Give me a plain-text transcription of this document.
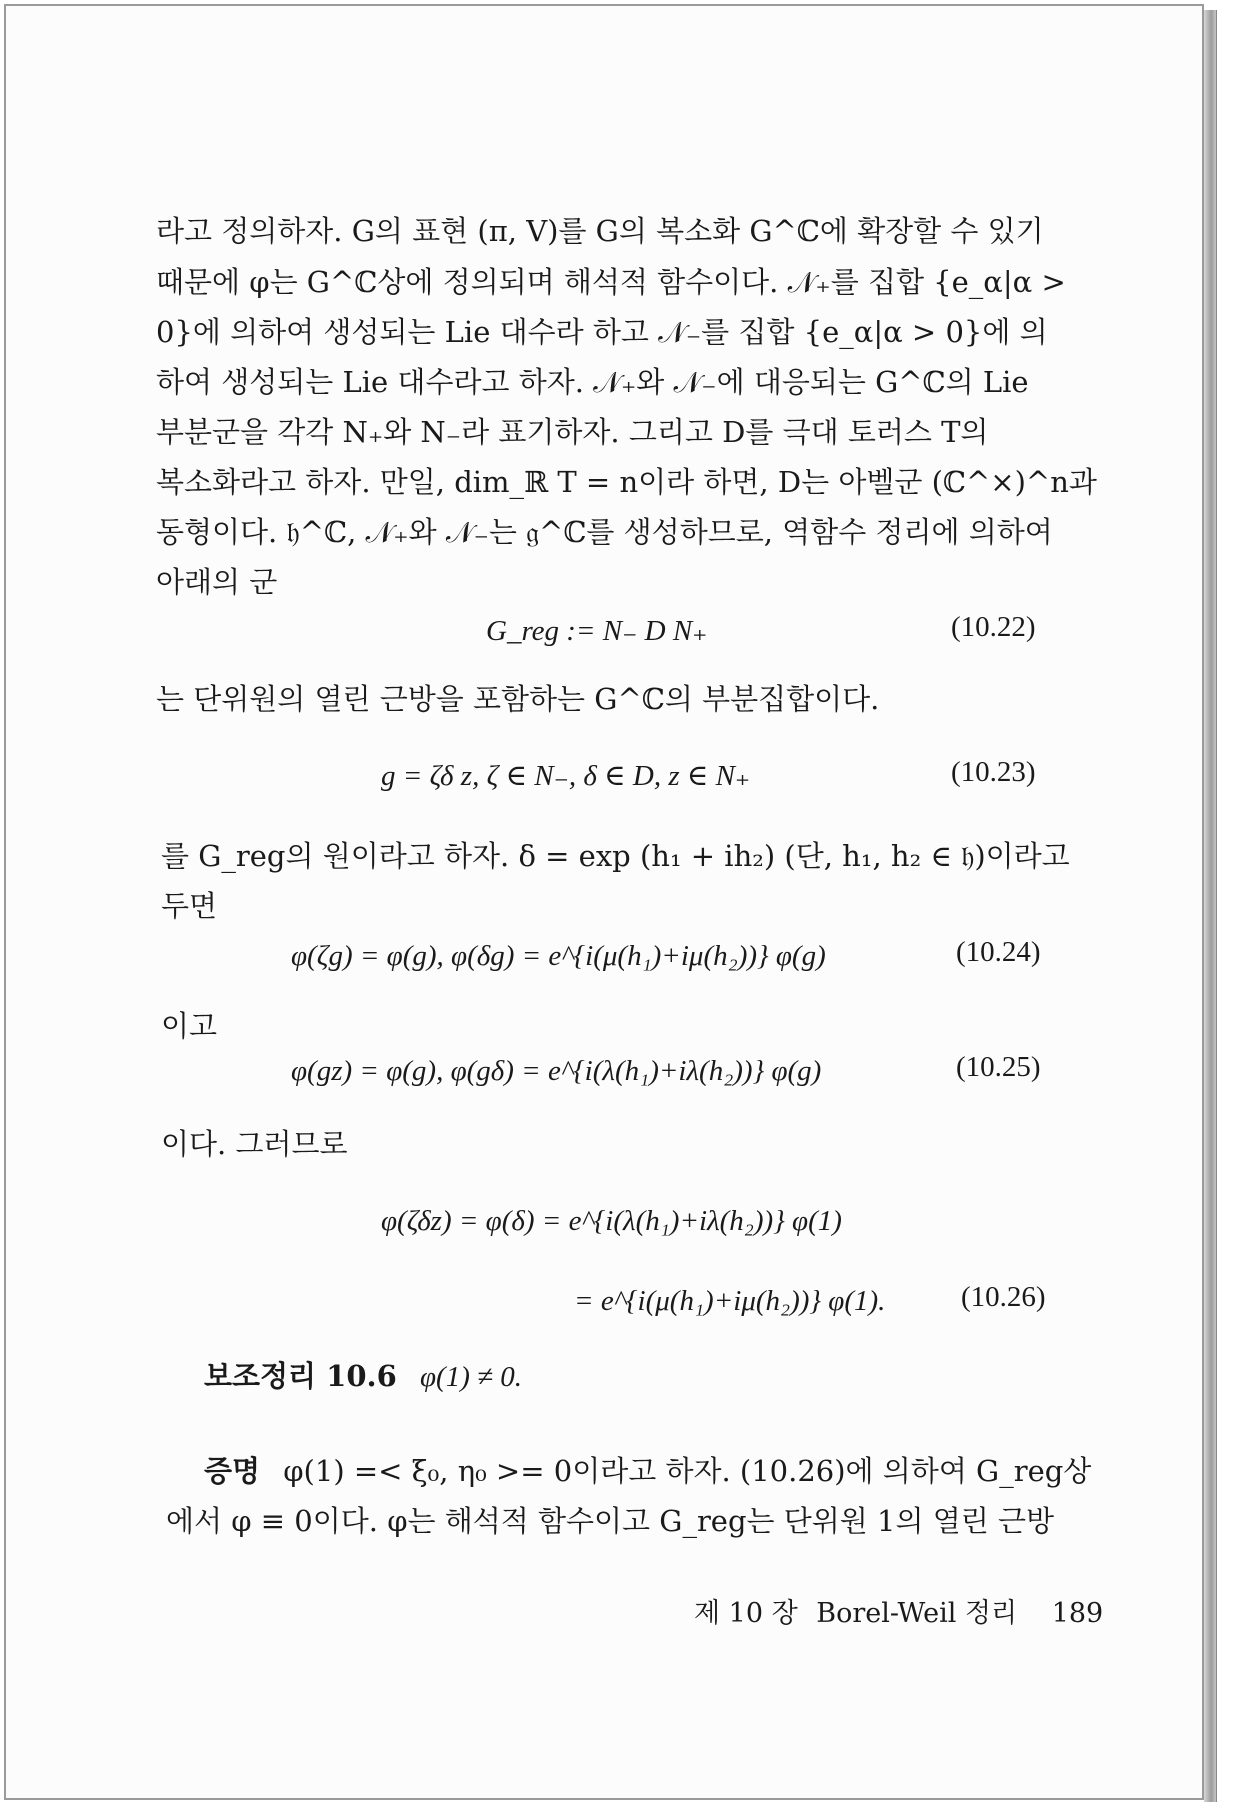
라고 정의하자. G의 표현 (π, V)를 G의 복소화 G^ℂ에 확장할 수 있기
때문에 φ는 G^ℂ상에 정의되며 해석적 함수이다. 𝒩₊를 집합 {e_α|α >
0}에 의하여 생성되는 Lie 대수라 하고 𝒩₋를 집합 {e_α|α > 0}에 의
하여 생성되는 Lie 대수라고 하자. 𝒩₊와 𝒩₋에 대응되는 G^ℂ의 Lie
부분군을 각각 N₊와 N₋라 표기하자. 그리고 D를 극대 토러스 T의
복소화라고 하자. 만일, dim_ℝ T = n이라 하면, D는 아벨군 (ℂ^×)^n과
동형이다. 𝔥^ℂ, 𝒩₊와 𝒩₋는 𝔤^ℂ를 생성하므로, 역함수 정리에 의하여
아래의 군
G_reg := N₋ D N₊	(10.22)
는 단위원의 열린 근방을 포함하는 G^ℂ의 부분집합이다.
g = ζδ z, ζ ∈ N₋, δ ∈ D, z ∈ N₊	(10.23)
를 G_reg의 원이라고 하자. δ = exp (h₁ + ih₂) (단, h₁, h₂ ∈ 𝔥)이라고
두면
φ(ζg) = φ(g), φ(δg) = e^{i(μ(h₁)+iμ(h₂))} φ(g)	(10.24)
이고
φ(gz) = φ(g), φ(gδ) = e^{i(λ(h₁)+iλ(h₂))} φ(g)	(10.25)
이다. 그러므로
φ(ζδz) = φ(δ) = e^{i(λ(h₁)+iλ(h₂))} φ(1)
= e^{i(μ(h₁)+iμ(h₂))} φ(1).	(10.26)
보조정리 10.6 φ(1) ≠ 0.
증명 φ(1) =< ξ₀, η₀ >= 0이라고 하자. (10.26)에 의하여 G_reg상
에서 φ ≡ 0이다. φ는 해석적 함수이고 G_reg는 단위원 1의 열린 근방
제 10 장 Borel-Weil 정리 189
